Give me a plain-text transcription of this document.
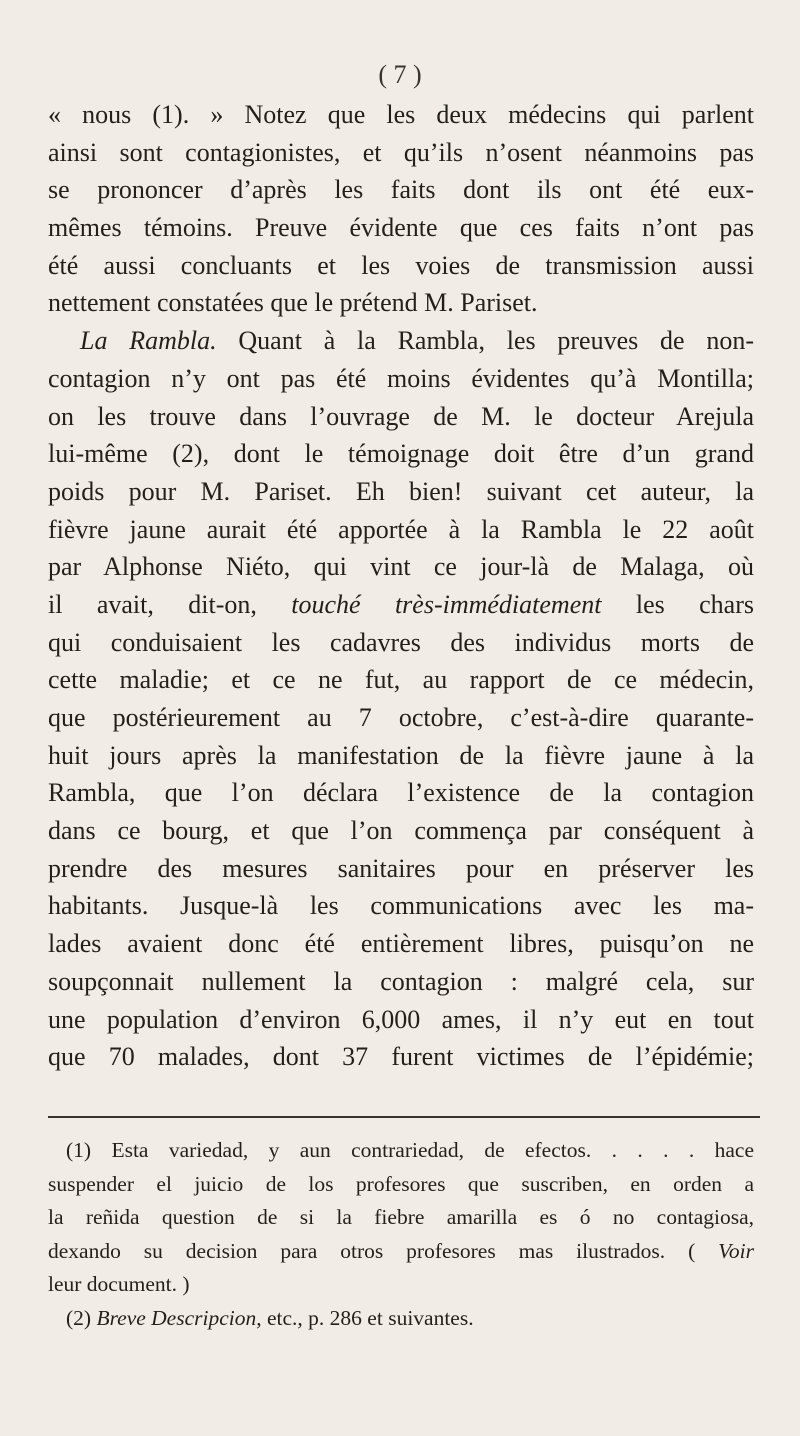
( 7 )
« nous (1). » Notez que les deux médecins qui parlent
ainsi sont contagionistes, et qu’ils n’osent néanmoins pas
se prononcer d’après les faits dont ils ont été eux-
mêmes témoins. Preuve évidente que ces faits n’ont pas
été aussi concluants et les voies de transmission aussi
nettement constatées que le prétend M. Pariset.
La Rambla. Quant à la Rambla, les preuves de non-
contagion n’y ont pas été moins évidentes qu’à Montilla;
on les trouve dans l’ouvrage de M. le docteur Arejula
lui-même (2), dont le témoignage doit être d’un grand
poids pour M. Pariset. Eh bien! suivant cet auteur, la
fièvre jaune aurait été apportée à la Rambla le 22 août
par Alphonse Niéto, qui vint ce jour-là de Malaga, où
il avait, dit-on, touché très-immédiatement les chars
qui conduisaient les cadavres des individus morts de
cette maladie; et ce ne fut, au rapport de ce médecin,
que postérieurement au 7 octobre, c’est-à-dire quarante-
huit jours après la manifestation de la fièvre jaune à la
Rambla, que l’on déclara l’existence de la contagion
dans ce bourg, et que l’on commença par conséquent à
prendre des mesures sanitaires pour en préserver les
habitants. Jusque-là les communications avec les ma-
lades avaient donc été entièrement libres, puisqu’on ne
soupçonnait nullement la contagion : malgré cela, sur
une population d’environ 6,000 ames, il n’y eut en tout
que 70 malades, dont 37 furent victimes de l’épidémie;
(1) Esta variedad, y aun contrariedad, de efectos. . . . . hace
suspender el juicio de los profesores que suscriben, en orden a
la reñida question de si la fiebre amarilla es ó no contagiosa,
dexando su decision para otros profesores mas ilustrados. ( Voir
leur document. )
(2) Breve Descripcion, etc., p. 286 et suivantes.
